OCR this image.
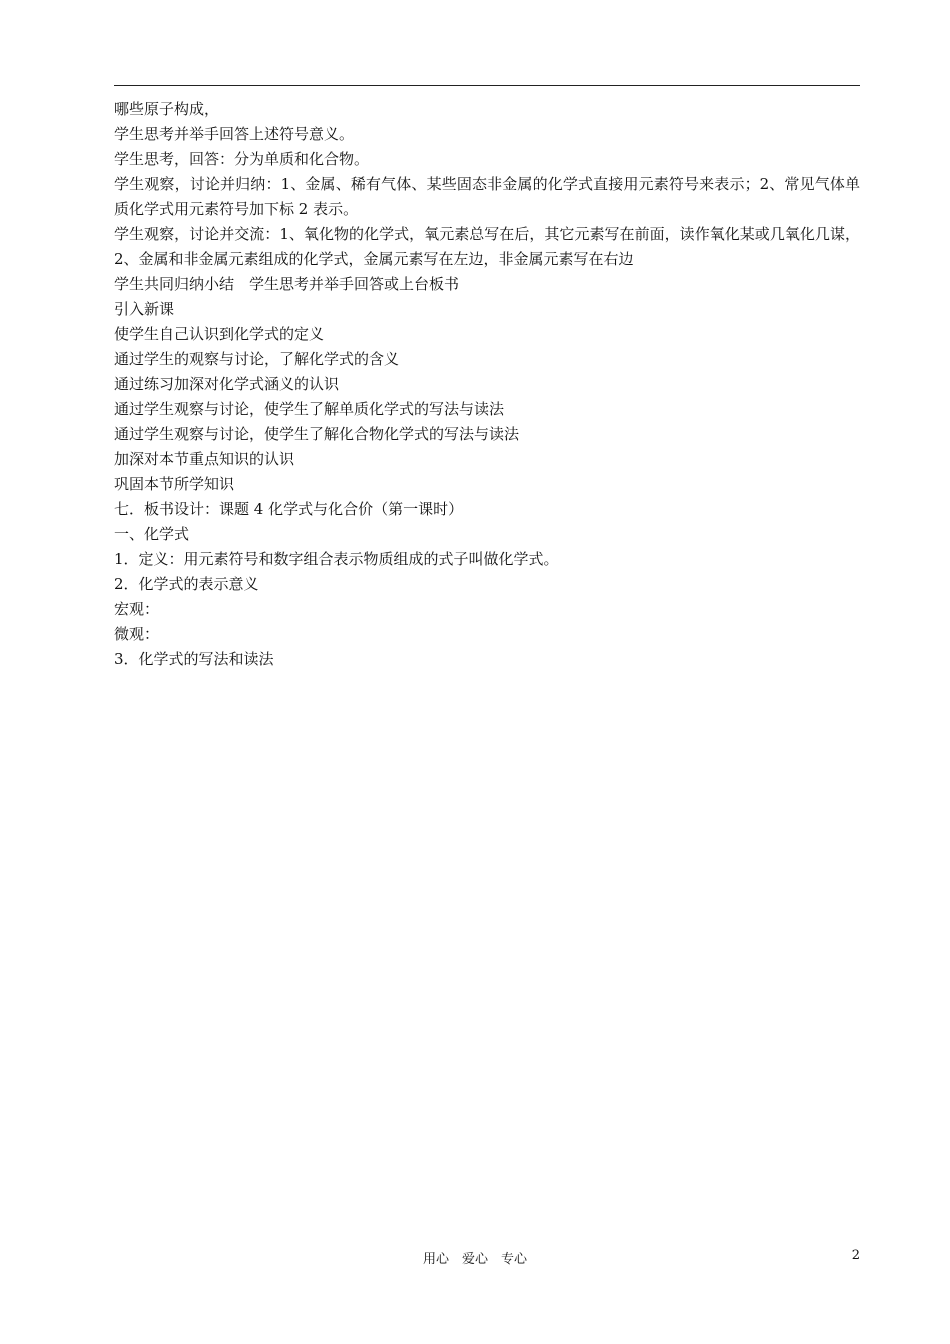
哪些原子构成，
学生思考并举手回答上述符号意义。
学生思考，回答：分为单质和化合物。
学生观察，讨论并归纳：1、金属、稀有气体、某些固态非金属的化学式直接用元素符号来表示；2、常见气体单质化学式用元素符号加下标 2 表示。
学生观察，讨论并交流：1、氧化物的化学式，氧元素总写在后，其它元素写在前面，读作氧化某或几氧化几谋，2、金属和非金属元素组成的化学式，金属元素写在左边，非金属元素写在右边
学生共同归纳小结　学生思考并举手回答或上台板书
引入新课
使学生自己认识到化学式的定义
通过学生的观察与讨论，了解化学式的含义
通过练习加深对化学式涵义的认识
通过学生观察与讨论，使学生了解单质化学式的写法与读法
通过学生观察与讨论，使学生了解化合物化学式的写法与读法
加深对本节重点知识的认识
巩固本节所学知识
七．板书设计：课题 4 化学式与化合价（第一课时）
一、化学式
1．定义：用元素符号和数字组合表示物质组成的式子叫做化学式。
2．化学式的表示意义
宏观：
微观：
3．化学式的写法和读法
用心　爱心　专心	2
